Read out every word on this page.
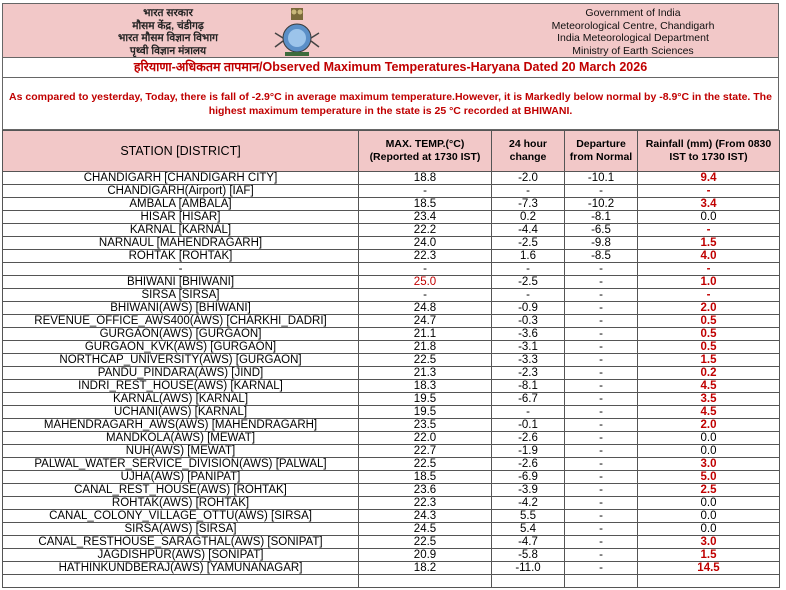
भारत सरकार
मौसम केंद्र, चंडीगढ़
भारत मौसम विज्ञान विभाग
पृथ्वी विज्ञान मंत्रालय
Government of India
Meteorological Centre, Chandigarh
India Meteorological Department
Ministry of Earth Sciences
हरियाणा-अधिकतम तापमान/Observed Maximum Temperatures-Haryana Dated 20 March 2026
As compared to yesterday, Today, there is fall of -2.9°C in average maximum temperature.However, it is Markedly below normal by -8.9°C in the state. The highest maximum temperature in the state is 25 °C recorded at BHIWANI.
STATION [DISTRICT]	MAX. TEMP.(°C) (Reported at 1730 IST)	24 hour change	Departure from Normal	Rainfall (mm) (From 0830 IST to 1730 IST)
CHANDIGARH [CHANDIGARH CITY]	18.8	-2.0	-10.1	9.4
CHANDIGARH(Airport) [IAF]	-	-	-	-
AMBALA [AMBALA]	18.5	-7.3	-10.2	3.4
HISAR [HISAR]	23.4	0.2	-8.1	0.0
KARNAL [KARNAL]	22.2	-4.4	-6.5	-
NARNAUL [MAHENDRAGARH]	24.0	-2.5	-9.8	1.5
ROHTAK [ROHTAK]	22.3	1.6	-8.5	4.0
-	-	-	-	-
BHIWANI [BHIWANI]	25.0	-2.5	-	1.0
SIRSA [SIRSA]	-	-	-	-
BHIWANI(AWS) [BHIWANI]	24.8	-0.9	-	2.0
REVENUE_OFFICE_AWS400(AWS) [CHARKHI_DADRI]	24.7	-0.3	-	0.5
GURGAON(AWS) [GURGAON]	21.1	-3.6	-	0.5
GURGAON_KVK(AWS) [GURGAON]	21.8	-3.1	-	0.5
NORTHCAP_UNIVERSITY(AWS) [GURGAON]	22.5	-3.3	-	1.5
PANDU_PINDARA(AWS) [JIND]	21.3	-2.3	-	0.2
INDRI_REST_HOUSE(AWS) [KARNAL]	18.3	-8.1	-	4.5
KARNAL(AWS) [KARNAL]	19.5	-6.7	-	3.5
UCHANI(AWS) [KARNAL]	19.5	-	-	4.5
MAHENDRAGARH_AWS(AWS) [MAHENDRAGARH]	23.5	-0.1	-	2.0
MANDKOLA(AWS) [MEWAT]	22.0	-2.6	-	0.0
NUH(AWS) [MEWAT]	22.7	-1.9	-	0.0
PALWAL_WATER_SERVICE_DIVISION(AWS) [PALWAL]	22.5	-2.6	-	3.0
UJHA(AWS) [PANIPAT]	18.5	-6.9	-	5.0
CANAL_REST_HOUSE(AWS) [ROHTAK]	23.6	-3.9	-	2.5
ROHTAK(AWS) [ROHTAK]	22.3	-4.2	-	0.0
CANAL_COLONY_VILLAGE_OTTU(AWS) [SIRSA]	24.3	5.5	-	0.0
SIRSA(AWS) [SIRSA]	24.5	5.4	-	0.0
CANAL_RESTHOUSE_SARAGTHAL(AWS) [SONIPAT]	22.5	-4.7	-	3.0
JAGDISHPUR(AWS) [SONIPAT]	20.9	-5.8	-	1.5
HATHINKUNDBERAJ(AWS) [YAMUNANAGAR]	18.2	-11.0	-	14.5
